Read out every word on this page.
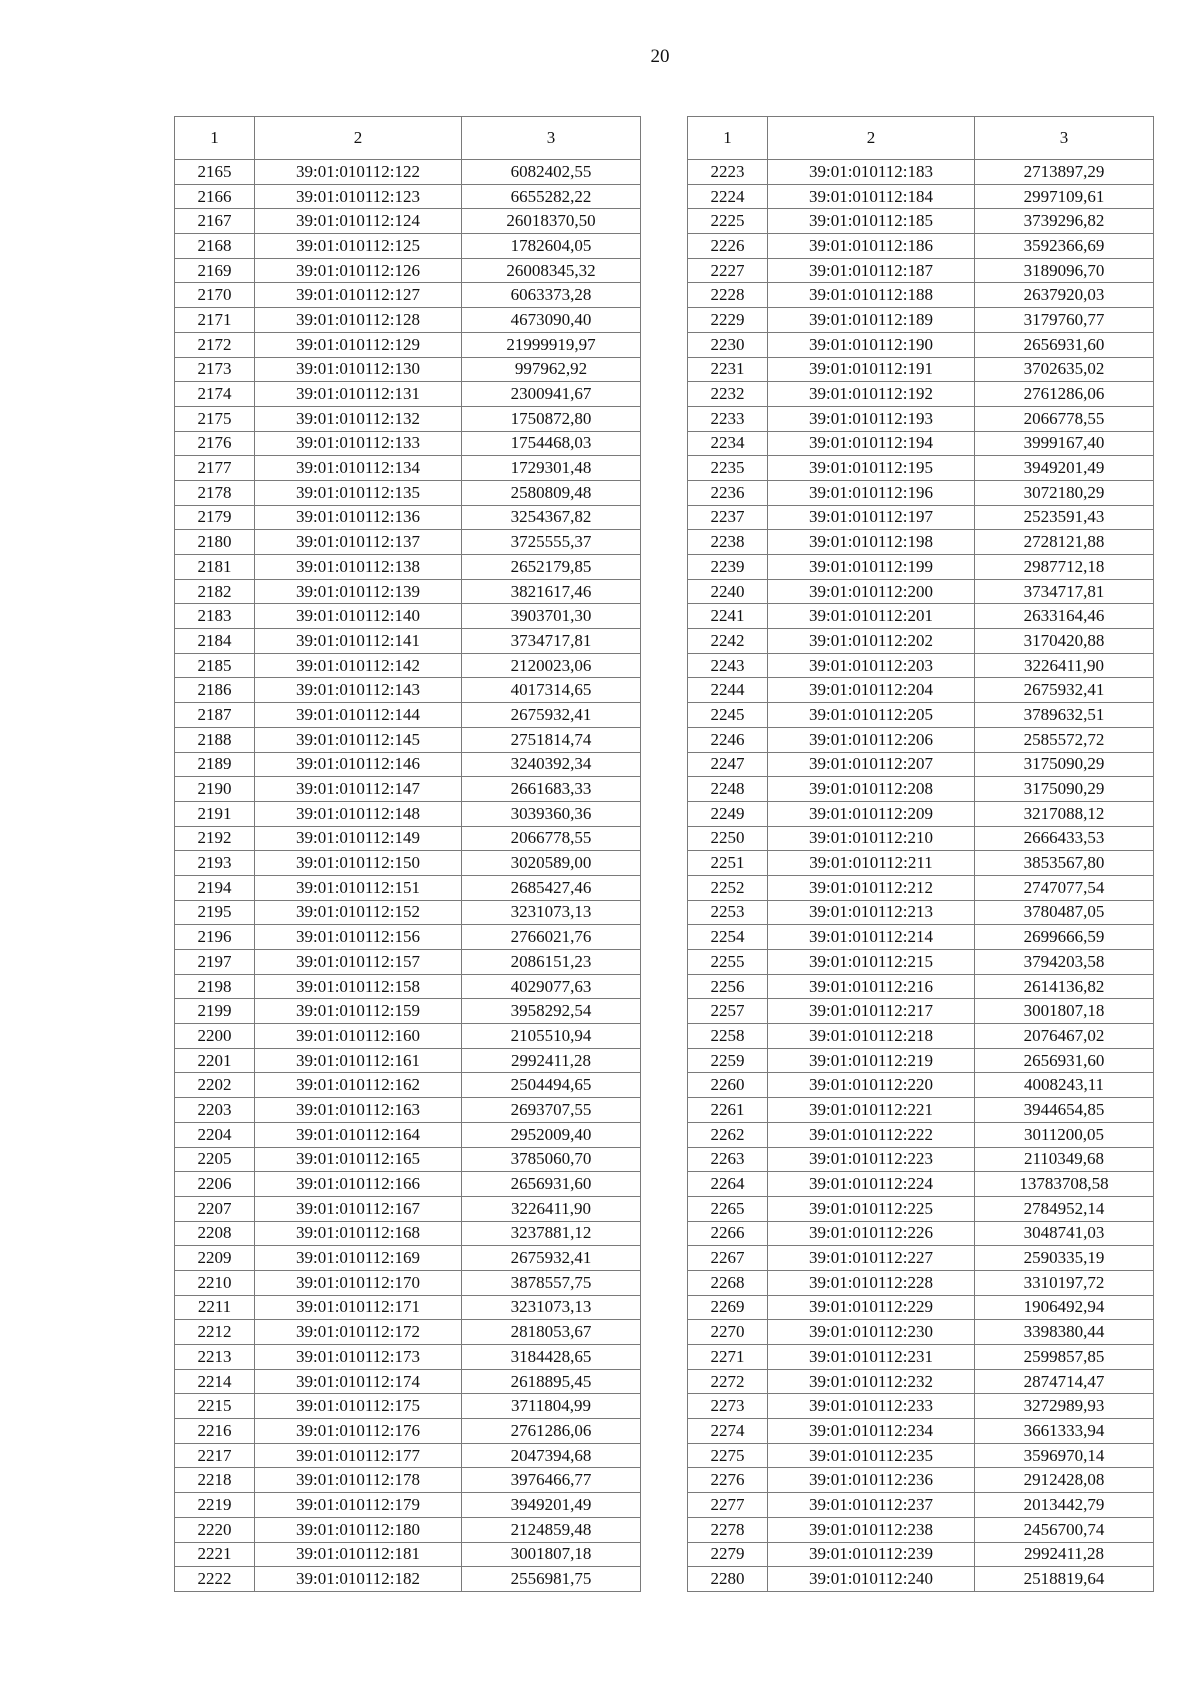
20
1	2	3
2165	39:01:010112:122	6082402,55
2166	39:01:010112:123	6655282,22
2167	39:01:010112:124	26018370,50
2168	39:01:010112:125	1782604,05
2169	39:01:010112:126	26008345,32
2170	39:01:010112:127	6063373,28
2171	39:01:010112:128	4673090,40
2172	39:01:010112:129	21999919,97
2173	39:01:010112:130	997962,92
2174	39:01:010112:131	2300941,67
2175	39:01:010112:132	1750872,80
2176	39:01:010112:133	1754468,03
2177	39:01:010112:134	1729301,48
2178	39:01:010112:135	2580809,48
2179	39:01:010112:136	3254367,82
2180	39:01:010112:137	3725555,37
2181	39:01:010112:138	2652179,85
2182	39:01:010112:139	3821617,46
2183	39:01:010112:140	3903701,30
2184	39:01:010112:141	3734717,81
2185	39:01:010112:142	2120023,06
2186	39:01:010112:143	4017314,65
2187	39:01:010112:144	2675932,41
2188	39:01:010112:145	2751814,74
2189	39:01:010112:146	3240392,34
2190	39:01:010112:147	2661683,33
2191	39:01:010112:148	3039360,36
2192	39:01:010112:149	2066778,55
2193	39:01:010112:150	3020589,00
2194	39:01:010112:151	2685427,46
2195	39:01:010112:152	3231073,13
2196	39:01:010112:156	2766021,76
2197	39:01:010112:157	2086151,23
2198	39:01:010112:158	4029077,63
2199	39:01:010112:159	3958292,54
2200	39:01:010112:160	2105510,94
2201	39:01:010112:161	2992411,28
2202	39:01:010112:162	2504494,65
2203	39:01:010112:163	2693707,55
2204	39:01:010112:164	2952009,40
2205	39:01:010112:165	3785060,70
2206	39:01:010112:166	2656931,60
2207	39:01:010112:167	3226411,90
2208	39:01:010112:168	3237881,12
2209	39:01:010112:169	2675932,41
2210	39:01:010112:170	3878557,75
2211	39:01:010112:171	3231073,13
2212	39:01:010112:172	2818053,67
2213	39:01:010112:173	3184428,65
2214	39:01:010112:174	2618895,45
2215	39:01:010112:175	3711804,99
2216	39:01:010112:176	2761286,06
2217	39:01:010112:177	2047394,68
2218	39:01:010112:178	3976466,77
2219	39:01:010112:179	3949201,49
2220	39:01:010112:180	2124859,48
2221	39:01:010112:181	3001807,18
2222	39:01:010112:182	2556981,75
1	2	3
2223	39:01:010112:183	2713897,29
2224	39:01:010112:184	2997109,61
2225	39:01:010112:185	3739296,82
2226	39:01:010112:186	3592366,69
2227	39:01:010112:187	3189096,70
2228	39:01:010112:188	2637920,03
2229	39:01:010112:189	3179760,77
2230	39:01:010112:190	2656931,60
2231	39:01:010112:191	3702635,02
2232	39:01:010112:192	2761286,06
2233	39:01:010112:193	2066778,55
2234	39:01:010112:194	3999167,40
2235	39:01:010112:195	3949201,49
2236	39:01:010112:196	3072180,29
2237	39:01:010112:197	2523591,43
2238	39:01:010112:198	2728121,88
2239	39:01:010112:199	2987712,18
2240	39:01:010112:200	3734717,81
2241	39:01:010112:201	2633164,46
2242	39:01:010112:202	3170420,88
2243	39:01:010112:203	3226411,90
2244	39:01:010112:204	2675932,41
2245	39:01:010112:205	3789632,51
2246	39:01:010112:206	2585572,72
2247	39:01:010112:207	3175090,29
2248	39:01:010112:208	3175090,29
2249	39:01:010112:209	3217088,12
2250	39:01:010112:210	2666433,53
2251	39:01:010112:211	3853567,80
2252	39:01:010112:212	2747077,54
2253	39:01:010112:213	3780487,05
2254	39:01:010112:214	2699666,59
2255	39:01:010112:215	3794203,58
2256	39:01:010112:216	2614136,82
2257	39:01:010112:217	3001807,18
2258	39:01:010112:218	2076467,02
2259	39:01:010112:219	2656931,60
2260	39:01:010112:220	4008243,11
2261	39:01:010112:221	3944654,85
2262	39:01:010112:222	3011200,05
2263	39:01:010112:223	2110349,68
2264	39:01:010112:224	13783708,58
2265	39:01:010112:225	2784952,14
2266	39:01:010112:226	3048741,03
2267	39:01:010112:227	2590335,19
2268	39:01:010112:228	3310197,72
2269	39:01:010112:229	1906492,94
2270	39:01:010112:230	3398380,44
2271	39:01:010112:231	2599857,85
2272	39:01:010112:232	2874714,47
2273	39:01:010112:233	3272989,93
2274	39:01:010112:234	3661333,94
2275	39:01:010112:235	3596970,14
2276	39:01:010112:236	2912428,08
2277	39:01:010112:237	2013442,79
2278	39:01:010112:238	2456700,74
2279	39:01:010112:239	2992411,28
2280	39:01:010112:240	2518819,64
